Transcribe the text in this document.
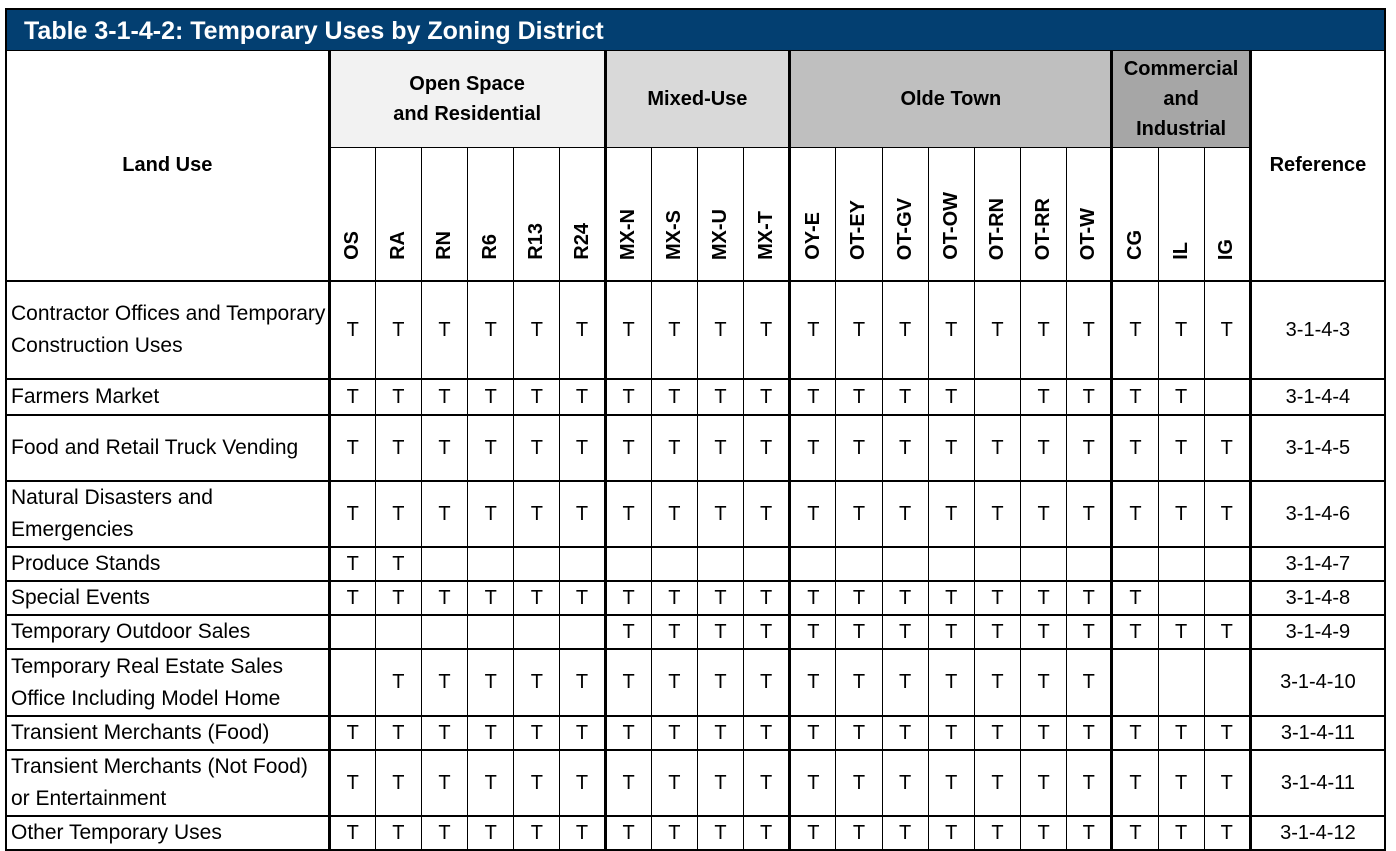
Table 3-1-4-2: Temporary Uses by Zoning District
Land Use	Open Space and Residential						Mixed-Use				Olde Town							Commercial and Industrial			Reference
	OS	RA	RN	R6	R13	R24	MX-N	MX-S	MX-U	MX-T	OY-E	OT-EY	OT-GV	OT-OW	OT-RN	OT-RR	OT-W	CG	IL	IG	
Contractor Offices and Temporary Construction Uses	T	T	T	T	T	T	T	T	T	T	T	T	T	T	T	T	T	T	T	T	3-1-4-3
Farmers Market	T	T	T	T	T	T	T	T	T	T	T	T	T	T		T	T	T	T		3-1-4-4
Food and Retail Truck Vending	T	T	T	T	T	T	T	T	T	T	T	T	T	T	T	T	T	T	T	T	3-1-4-5
Natural Disasters and Emergencies	T	T	T	T	T	T	T	T	T	T	T	T	T	T	T	T	T	T	T	T	3-1-4-6
Produce Stands	T	T																			3-1-4-7
Special Events	T	T	T	T	T	T	T	T	T	T	T	T	T	T	T	T	T	T			3-1-4-8
Temporary Outdoor Sales							T	T	T	T	T	T	T	T	T	T	T	T	T	T	3-1-4-9
Temporary Real Estate Sales Office Including Model Home		T	T	T	T	T	T	T	T	T	T	T	T	T	T	T	T				3-1-4-10
Transient Merchants (Food)	T	T	T	T	T	T	T	T	T	T	T	T	T	T	T	T	T	T	T	T	3-1-4-11
Transient Merchants (Not Food) or Entertainment	T	T	T	T	T	T	T	T	T	T	T	T	T	T	T	T	T	T	T	T	3-1-4-11
Other Temporary Uses	T	T	T	T	T	T	T	T	T	T	T	T	T	T	T	T	T	T	T	T	3-1-4-12
